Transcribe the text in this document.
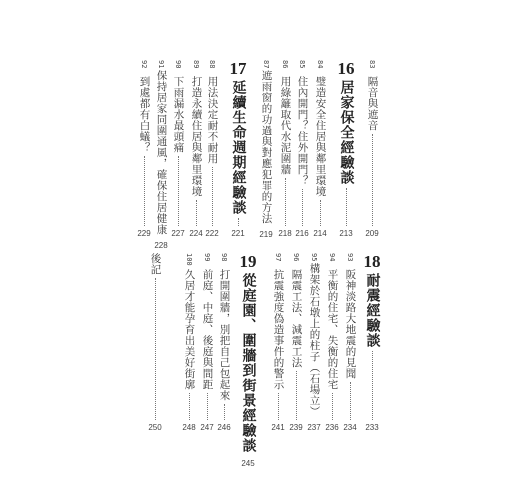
83
隔音與遮音
209
16
居家保全經驗談
213
84
璧造安全住居與鄰里環境
214
85
住內開門？住外開門？
216
86
用綠籬取代水泥圍牆
218
87
遮雨窗的功過與對應犯罪的方法
219
17
延續生命週期經驗談
221
88
用法決定耐不耐用
222
89
打造永續住居與鄰里環境
224
90
下雨漏水最頭痛
227
91
保持居家同圍通風，確保住居健康
228
92
到處都有白蟻？
229
18
耐震經驗談
233
93
阪神淡路大地震的見聞
234
94
平衡的住宅、失衡的住宅
236
95
構架於石墩上的柱子（石場立）
237
96
隔震工法、減震工法
239
97
抗震強度偽造事件的警示
241
19
從庭園、圍牆到街景經驗談
245
98
打開圍牆，別把自己包起來
246
99
前庭、中庭、後庭與間距
247
100
久居才能孕育出美好街廓
248
後記
250
